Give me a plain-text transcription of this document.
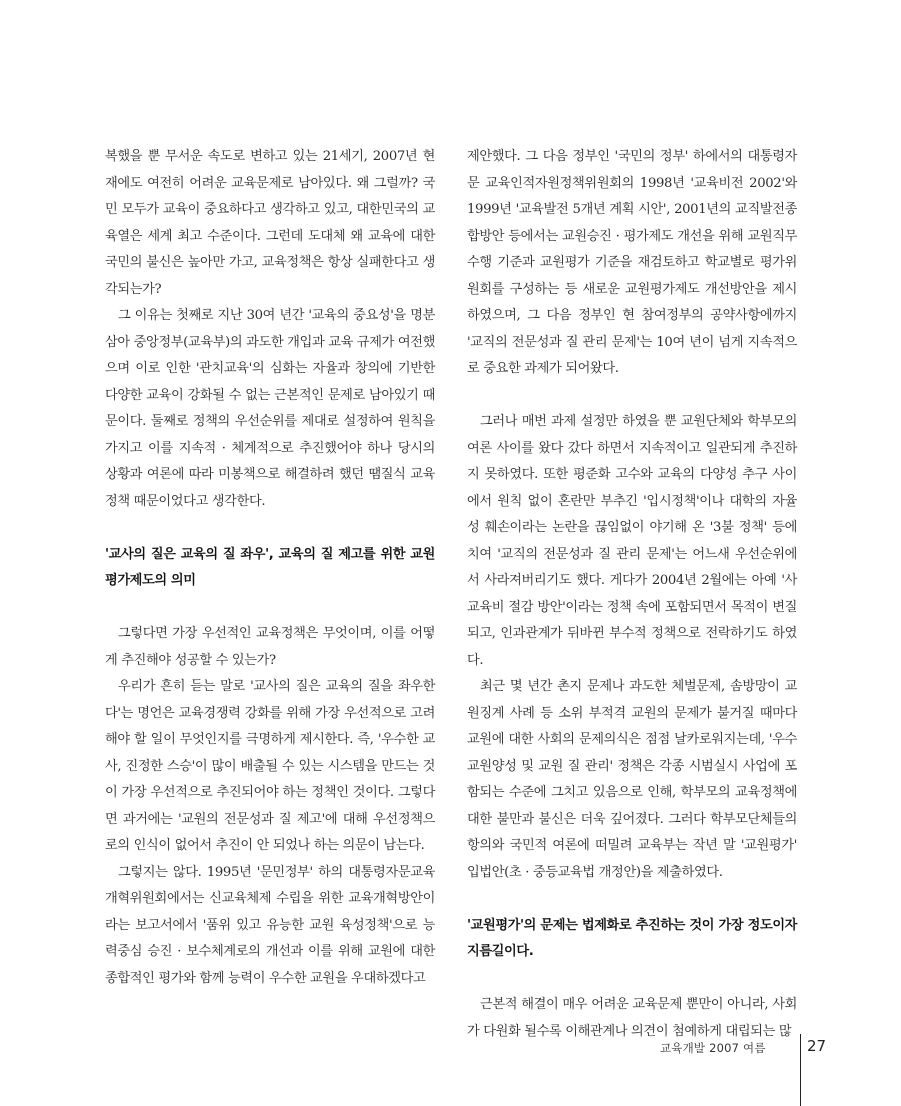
복했을 뿐 무서운 속도로 변하고 있는 21세기, 2007년 현재에도 여전히 어려운 교육문제로 남아있다. 왜 그럴까? 국민 모두가 교육이 중요하다고 생각하고 있고, 대한민국의 교육열은 세계 최고 수준이다. 그런데 도대체 왜 교육에 대한 국민의 불신은 높아만 가고, 교육정책은 항상 실패한다고 생각되는가?

그 이유는 첫째로 지난 30여 년간 '교육의 중요성'을 명분삼아 중앙정부(교육부)의 과도한 개입과 교육 규제가 여전했으며 이로 인한 '관치교육'의 심화는 자율과 창의에 기반한 다양한 교육이 강화될 수 없는 근본적인 문제로 남아있기 때문이다. 둘째로 정책의 우선순위를 제대로 설정하여 원칙을 가지고 이를 지속적 · 체계적으로 추진했어야 하나 당시의 상황과 여론에 따라 미봉책으로 해결하려 했던 땜질식 교육정책 때문이었다고 생각한다.

'교사의 질은 교육의 질 좌우', 교육의 질 제고를 위한 교원평가제도의 의미

그렇다면 가장 우선적인 교육정책은 무엇이며, 이를 어떻게 추진해야 성공할 수 있는가?

우리가 흔히 듣는 말로 '교사의 질은 교육의 질을 좌우한다'는 명언은 교육경쟁력 강화를 위해 가장 우선적으로 고려해야 할 일이 무엇인지를 극명하게 제시한다. 즉, '우수한 교사, 진정한 스승'이 많이 배출될 수 있는 시스템을 만드는 것이 가장 우선적으로 추진되어야 하는 정책인 것이다. 그렇다면 과거에는 '교원의 전문성과 질 제고'에 대해 우선정책으로의 인식이 없어서 추진이 안 되었나 하는 의문이 남는다.

그렇지는 않다. 1995년 '문민정부' 하의 대통령자문교육개혁위원회에서는 신교육체제 수립을 위한 교육개혁방안이라는 보고서에서 '품위 있고 유능한 교원 육성정책'으로 능력중심 승진 · 보수체계로의 개선과 이를 위해 교원에 대한 종합적인 평가와 함께 능력이 우수한 교원을 우대하겠다고

제안했다. 그 다음 정부인 '국민의 정부' 하에서의 대통령자문 교육인적자원정책위원회의 1998년 '교육비전 2002'와 1999년 '교육발전 5개년 계획 시안', 2001년의 교직발전종합방안 등에서는 교원승진 · 평가제도 개선을 위해 교원직무수행 기준과 교원평가 기준을 재검토하고 학교별로 평가위원회를 구성하는 등 새로운 교원평가제도 개선방안을 제시하였으며, 그 다음 정부인 현 참여정부의 공약사항에까지 '교직의 전문성과 질 관리 문제'는 10여 년이 넘게 지속적으로 중요한 과제가 되어왔다.

그러나 매번 과제 설정만 하였을 뿐 교원단체와 학부모의 여론 사이를 왔다 갔다 하면서 지속적이고 일관되게 추진하지 못하였다. 또한 평준화 고수와 교육의 다양성 추구 사이에서 원칙 없이 혼란만 부추긴 '입시정책'이나 대학의 자율성 훼손이라는 논란을 끊임없이 야기해 온 '3불 정책' 등에 치여 '교직의 전문성과 질 관리 문제'는 어느새 우선순위에서 사라져버리기도 했다. 게다가 2004년 2월에는 아예 '사교육비 절감 방안'이라는 정책 속에 포함되면서 목적이 변질되고, 인과관계가 뒤바뀐 부수적 정책으로 전락하기도 하였다.

최근 몇 년간 촌지 문제나 과도한 체벌문제, 솜방망이 교원징계 사례 등 소위 부적격 교원의 문제가 불거질 때마다 교원에 대한 사회의 문제의식은 점점 날카로워지는데, '우수 교원양성 및 교원 질 관리' 정책은 각종 시범실시 사업에 포함되는 수준에 그치고 있음으로 인해, 학부모의 교육정책에 대한 불만과 불신은 더욱 깊어졌다. 그러다 학부모단체들의 항의와 국민적 여론에 떠밀려 교육부는 작년 말 '교원평가' 입법안(초 · 중등교육법 개정안)을 제출하였다.

'교원평가'의 문제는 법제화로 추진하는 것이 가장 정도이자 지름길이다.

근본적 해결이 매우 어려운 교육문제 뿐만이 아니라, 사회가 다원화 될수록 이해관계나 의견이 첨예하게 대립되는 많

교육개발 2007 여름	27
